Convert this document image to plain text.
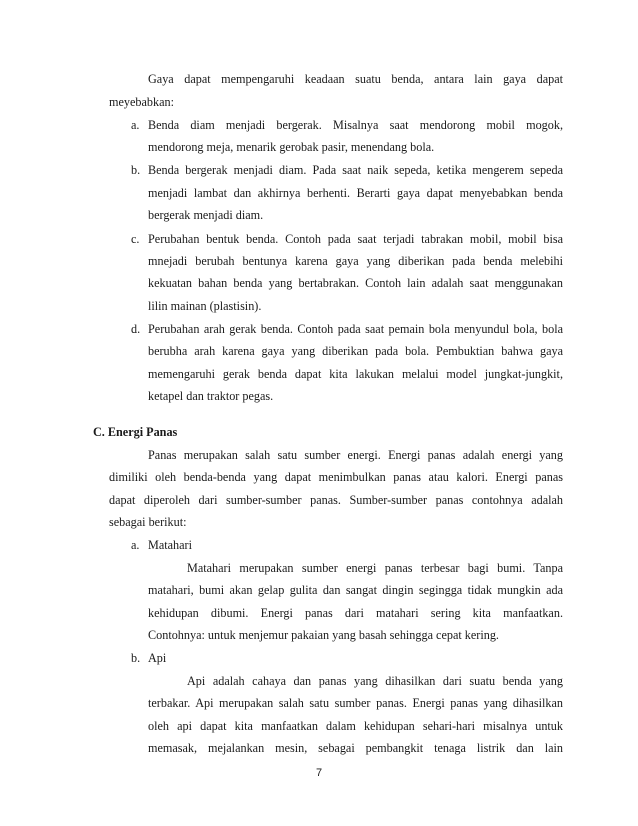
Gaya dapat mempengaruhi keadaan suatu benda, antara lain gaya dapat
meyebabkan:
a. Benda diam menjadi bergerak. Misalnya saat mendorong mobil mogok,
mendorong meja, menarik gerobak pasir, menendang bola.
b. Benda bergerak menjadi diam. Pada saat naik sepeda, ketika mengerem sepeda
menjadi lambat dan akhirnya berhenti. Berarti gaya dapat menyebabkan benda
bergerak menjadi diam.
c. Perubahan bentuk benda. Contoh pada saat terjadi tabrakan mobil, mobil bisa
mnejadi berubah bentunya karena gaya yang diberikan pada benda melebihi
kekuatan bahan benda yang bertabrakan. Contoh lain adalah saat menggunakan
lilin mainan (plastisin).
d. Perubahan arah gerak benda. Contoh pada saat pemain bola menyundul bola, bola
berubha arah karena gaya yang diberikan pada bola. Pembuktian bahwa gaya
memengaruhi gerak benda dapat kita lakukan melalui model jungkat-jungkit,
ketapel dan traktor pegas.
C. Energi Panas
Panas merupakan salah satu sumber energi. Energi panas adalah energi yang
dimiliki oleh benda-benda yang dapat menimbulkan panas atau kalori. Energi panas
dapat diperoleh dari sumber-sumber panas. Sumber-sumber panas contohnya adalah
sebagai berikut:
a. Matahari
Matahari merupakan sumber energi panas terbesar bagi bumi. Tanpa
matahari, bumi akan gelap gulita dan sangat dingin segingga tidak mungkin ada
kehidupan dibumi. Energi panas dari matahari sering kita manfaatkan.
Contohnya: untuk menjemur pakaian yang basah sehingga cepat kering.
b. Api
Api adalah cahaya dan panas yang dihasilkan dari suatu benda yang
terbakar. Api merupakan salah satu sumber panas. Energi panas yang dihasilkan
oleh api dapat kita manfaatkan dalam kehidupan sehari-hari misalnya untuk
memasak, mejalankan mesin, sebagai pembangkit tenaga listrik dan lain
7
